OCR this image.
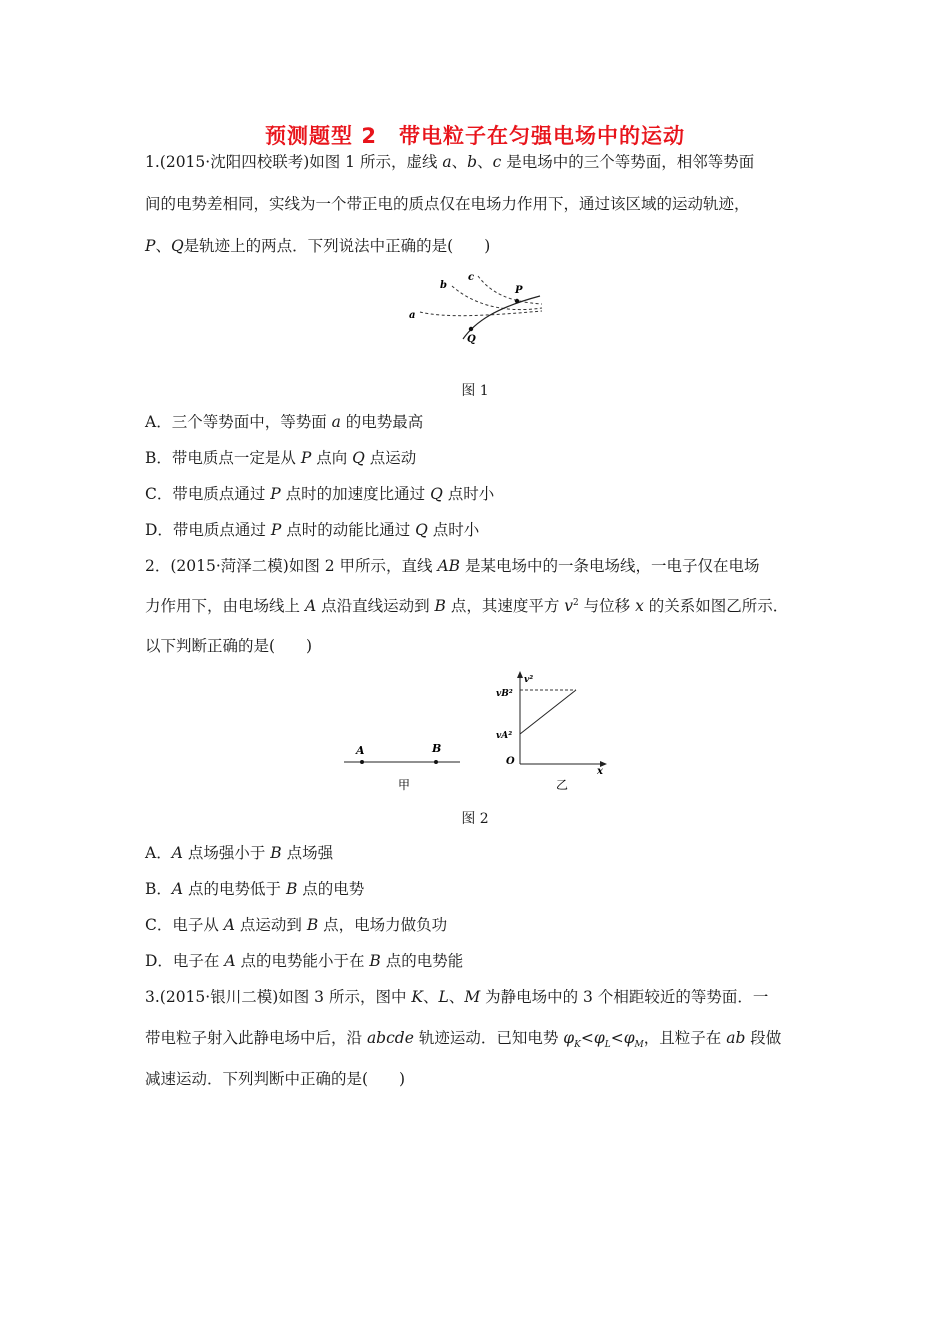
预测题型 2 带电粒子在匀强电场中的运动
1.(2015·沈阳四校联考)如图 1 所示，虚线 a、b、c 是电场中的三个等势面，相邻等势面
间的电势差相同，实线为一个带正电的质点仅在电场力作用下，通过该区域的运动轨迹，
P、Q是轨迹上的两点．下列说法中正确的是(　　)
a
b
c
P
Q
图 1
A．三个等势面中，等势面 a 的电势最高
B．带电质点一定是从 P 点向 Q 点运动
C．带电质点通过 P 点时的加速度比通过 Q 点时小
D．带电质点通过 P 点时的动能比通过 Q 点时小
2．(2015·菏泽二模)如图 2 甲所示，直线 AB 是某电场中的一条电场线，一电子仅在电场
力作用下，由电场线上 A 点沿直线运动到 B 点，其速度平方 $v^2$ 与位移 x 的关系如图乙所示．
以下判断正确的是(　　)
A	B
甲
v²
vB²
vA²
O
x
乙
图 2
A．A 点场强小于 B 点场强
B．A 点的电势低于 B 点的电势
C．电子从 A 点运动到 B 点，电场力做负功
D．电子在 A 点的电势能小于在 B 点的电势能
3.(2015·银川二模)如图 3 所示，图中 K、L、M 为静电场中的 3 个相距较近的等势面．一
带电粒子射入此静电场中后，沿 abcde 轨迹运动．已知电势 $\varphi_K<\varphi_L<\varphi_M$，且粒子在 ab 段做
减速运动．下列判断中正确的是(　　)
